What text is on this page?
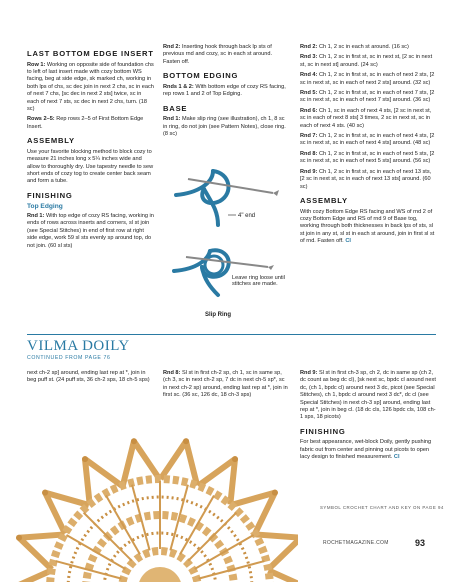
LAST BOTTOM EDGE INSERT

Row 1: Working on opposite side of foundation chs to left of last insert made with cozy bottom WS facing, beg at side edge, sk marked ch, working in both lps of chs, sc dec join in next 2 chs, sc in each of next 7 chs, [sc dec in next 2 sts] twice, sc in each of next 7 sts, sc dec in next 2 chs, turn. (18 sc)

Rows 2–5: Rep rows 2–5 of First Bottom Edge Insert.

ASSEMBLY

Use your favorite blocking method to block cozy to measure 21 inches long x 5¼ inches wide and allow to thoroughly dry. Use tapestry needle to sew short ends of cozy tog to create center back seam and form a tube.

FINISHING
Top Edging

Rnd 1: With top edge of cozy RS facing, working in ends of rows across inserts and corners, sl st join (see Special Stitches) in end of first row at right side edge, work 59 sl sts evenly sp around top, do not join. (60 sl sts)

Rnd 2: Inserting hook through back lp sts of previous rnd and cozy, sc in each st around. Fasten off.

BOTTOM EDGING

Rnds 1 & 2: With bottom edge of cozy RS facing, rep rows 1 and 2 of Top Edging.

BASE

Rnd 1: Make slip ring (see illustration), ch 1, 8 sc in ring, do not join (see Pattern Notes), close ring. (8 sc)

4" end
Leave ring loose until stitches are made.
Slip Ring

Rnd 2: Ch 1, 2 sc in each st around. (16 sc)

Rnd 3: Ch 1, 2 sc in first st, sc in next st, [2 sc in next st, sc in next st] around. (24 sc)

Rnd 4: Ch 1, 2 sc in first st, sc in each of next 2 sts, [2 sc in next st, sc in each of next 2 sts] around. (32 sc)

Rnd 5: Ch 1, 2 sc in first st, sc in each of next 7 sts, [2 sc in next st, sc in each of next 7 sts] around. (36 sc)

Rnd 6: Ch 1, sc in each of next 4 sts, [2 sc in next st, sc in each of next 8 sts] 3 times, 2 sc in next st, sc in each of next 4 sts. (40 sc)

Rnd 7: Ch 1, 2 sc in first st, sc in each of next 4 sts, [2 sc in next st, sc in each of next 4 sts] around. (48 sc)

Rnd 8: Ch 1, 2 sc in first st, sc in each of next 5 sts, [2 sc in next st, sc in each of next 5 sts] around. (56 sc)

Rnd 9: Ch 1, 2 sc in first st, sc in each of next 13 sts, [2 sc in next st, sc in each of next 13 sts] around. (60 sc)

ASSEMBLY

With cozy Bottom Edge RS facing and WS of rnd 2 of cozy Bottom Edge and RS of rnd 9 of Base tog, working through both thicknesses in back lps of sts, sl st join in any st, sl st in each st around, join in first sl st of rnd. Fasten off. CI

VILMA DOILY
CONTINUED FROM PAGE 76

next ch-2 sp] around, ending last rep at *, join in beg puff st. (24 puff sts, 36 ch-2 sps, 18 ch-5 sps)

Rnd 8: Sl st in first ch-2 sp, ch 1, sc in same sp, (ch 3, sc in next ch-2 sp, 7 dc in next ch-5 sp*, sc in next ch-2 sp) around, ending last rep at *, join in first sc. (36 sc, 126 dc, 18 ch-3 sps)

Rnd 9: Sl st in first ch-3 sp, ch 2, dc in same sp (ch 2, dc count as beg dc cl), [sk next sc, bpdc cl around next dc, (ch 1, bpdc cl) around next 3 dc, picot (see Special Stitches), ch 1, bpdc cl around next 3 dc*, dc cl (see Special Stitches) in next ch-3 sp] around, ending last rep at *, join in beg cl. (18 dc cls, 126 bpdc cls, 108 ch-1 sps, 18 picots)

FINISHING

For best appearance, wet-block Doily, gently pushing fabric out from center and pinning out picots to open lacy design to finished measurement. CI

SYMBOL CROCHET CHART AND KEY ON PAGE 94
ROCHETMAGAZINE.COM	93
